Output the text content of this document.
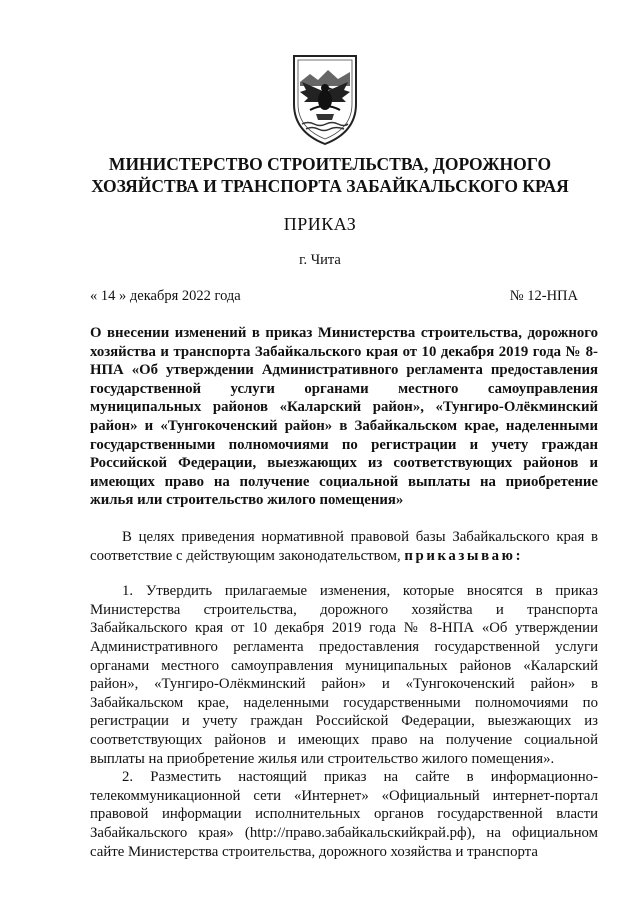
МИНИСТЕРСТВО СТРОИТЕЛЬСТВА, ДОРОЖНОГО
ХОЗЯЙСТВА И ТРАНСПОРТА ЗАБАЙКАЛЬСКОГО КРАЯ
ПРИКАЗ
г. Чита
« 14 » декабря 2022 года	№ 12-НПА
О внесении изменений в приказ Министерства строительства, дорожного хозяйства и транспорта Забайкальского края от 10 декабря 2019 года № 8-НПА «Об утверждении Административного регламента предоставления государственной услуги органами местного самоуправления муниципальных районов «Каларский район», «Тунгиро-Олёкминский район» и «Тунгокоченский район» в Забайкальском крае, наделенными государственными полномочиями по регистрации и учету граждан Российской Федерации, выезжающих из соответствующих районов и имеющих право на получение социальной выплаты на приобретение жилья или строительство жилого помещения»

В целях приведения нормативной правовой базы Забайкальского края в соответствие с действующим законодательством, приказываю:

1. Утвердить прилагаемые изменения, которые вносятся в приказ Министерства строительства, дорожного хозяйства и транспорта Забайкальского края от 10 декабря 2019 года № 8-НПА «Об утверждении Административного регламента предоставления государственной услуги органами местного самоуправления муниципальных районов «Каларский район», «Тунгиро-Олёкминский район» и «Тунгокоченский район» в Забайкальском крае, наделенными государственными полномочиями по регистрации и учету граждан Российской Федерации, выезжающих из соответствующих районов и имеющих право на получение социальной выплаты на приобретение жилья или строительство жилого помещения».

2. Разместить настоящий приказ на сайте в информационно-телекоммуникационной сети «Интернет» «Официальный интернет-портал правовой информации исполнительных органов государственной власти Забайкальского края» (http://право.забайкальскийкрай.рф), на официальном сайте Министерства строительства, дорожного хозяйства и транспорта
